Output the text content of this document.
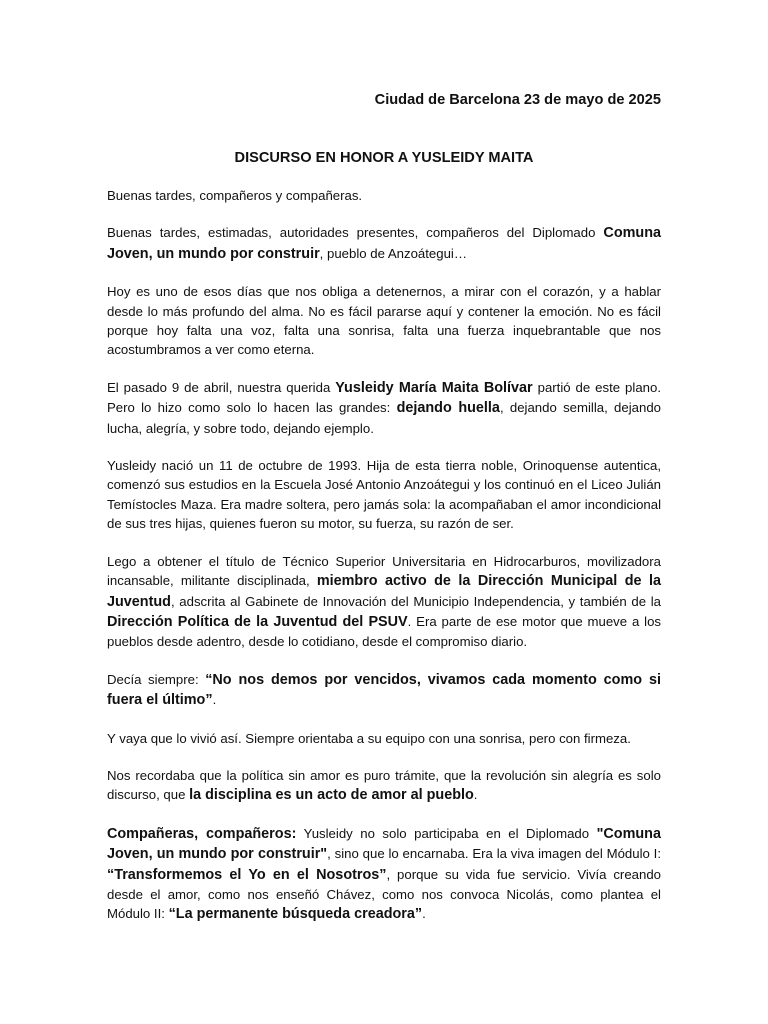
Ciudad de Barcelona 23 de mayo de 2025
DISCURSO EN HONOR A YUSLEIDY MAITA

Buenas tardes, compañeros y compañeras.

Buenas tardes, estimadas, autoridades presentes, compañeros del Diplomado Comuna Joven, un mundo por construir, pueblo de Anzoátegui…

Hoy es uno de esos días que nos obliga a detenernos, a mirar con el corazón, y a hablar desde lo más profundo del alma. No es fácil pararse aquí y contener la emoción. No es fácil porque hoy falta una voz, falta una sonrisa, falta una fuerza inquebrantable que nos acostumbramos a ver como eterna.

El pasado 9 de abril, nuestra querida Yusleidy María Maita Bolívar partió de este plano. Pero lo hizo como solo lo hacen las grandes: dejando huella, dejando semilla, dejando lucha, alegría, y sobre todo, dejando ejemplo.

Yusleidy nació un 11 de octubre de 1993. Hija de esta tierra noble, Orinoquense autentica, comenzó sus estudios en la Escuela José Antonio Anzoátegui y los continuó en el Liceo Julián Temístocles Maza. Era madre soltera, pero jamás sola: la acompañaban el amor incondicional de sus tres hijas, quienes fueron su motor, su fuerza, su razón de ser.

Lego a obtener el título de Técnico Superior Universitaria en Hidrocarburos, movilizadora incansable, militante disciplinada, miembro activo de la Dirección Municipal de la Juventud, adscrita al Gabinete de Innovación del Municipio Independencia, y también de la Dirección Política de la Juventud del PSUV. Era parte de ese motor que mueve a los pueblos desde adentro, desde lo cotidiano, desde el compromiso diario.

Decía siempre: “No nos demos por vencidos, vivamos cada momento como si fuera el último”.

Y vaya que lo vivió así. Siempre orientaba a su equipo con una sonrisa, pero con firmeza.

Nos recordaba que la política sin amor es puro trámite, que la revolución sin alegría es solo discurso, que la disciplina es un acto de amor al pueblo.

Compañeras, compañeros: Yusleidy no solo participaba en el Diplomado "Comuna Joven, un mundo por construir", sino que lo encarnaba. Era la viva imagen del Módulo I: “Transformemos el Yo en el Nosotros”, porque su vida fue servicio. Vivía creando desde el amor, como nos enseñó Chávez, como nos convoca Nicolás, como plantea el Módulo II: “La permanente búsqueda creadora”.
